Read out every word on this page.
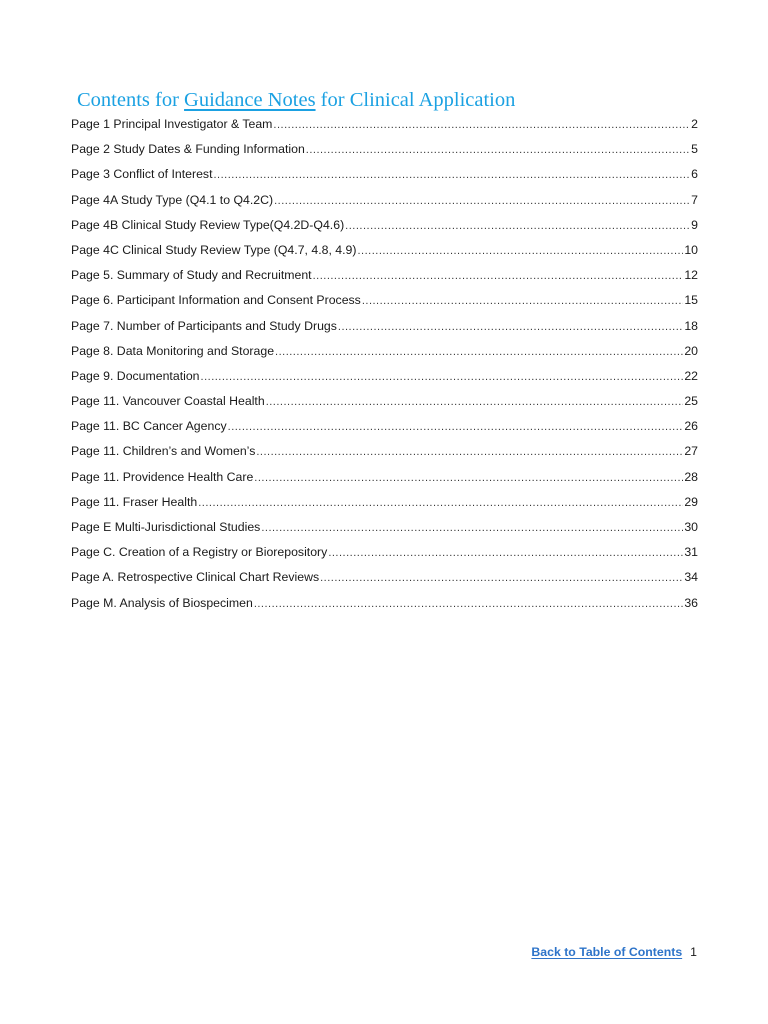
Contents for Guidance Notes for Clinical Application
Page 1 Principal Investigator & Team .....	2
Page 2 Study Dates & Funding Information .....	5
Page 3 Conflict of Interest .....	6
Page 4A Study Type (Q4.1 to Q4.2C) .....	7
Page 4B Clinical Study Review Type(Q4.2D-Q4.6) .....	9
Page 4C Clinical Study Review Type (Q4.7, 4.8, 4.9) .....	10
Page 5. Summary of Study and Recruitment .....	12
Page 6. Participant Information and Consent Process .....	15
Page 7. Number of Participants and Study Drugs .....	18
Page 8. Data Monitoring and Storage .....	20
Page 9. Documentation .....	22
Page 11. Vancouver Coastal Health .....	25
Page 11. BC Cancer Agency .....	26
Page 11. Children’s and Women’s .....	27
Page 11. Providence Health Care .....	28
Page 11. Fraser Health .....	29
Page E Multi-Jurisdictional Studies .....	30
Page C. Creation of a Registry or Biorepository .....	31
Page A. Retrospective Clinical Chart Reviews .....	34
Page M. Analysis of Biospecimen .....	36
Back to Table of Contents 1
